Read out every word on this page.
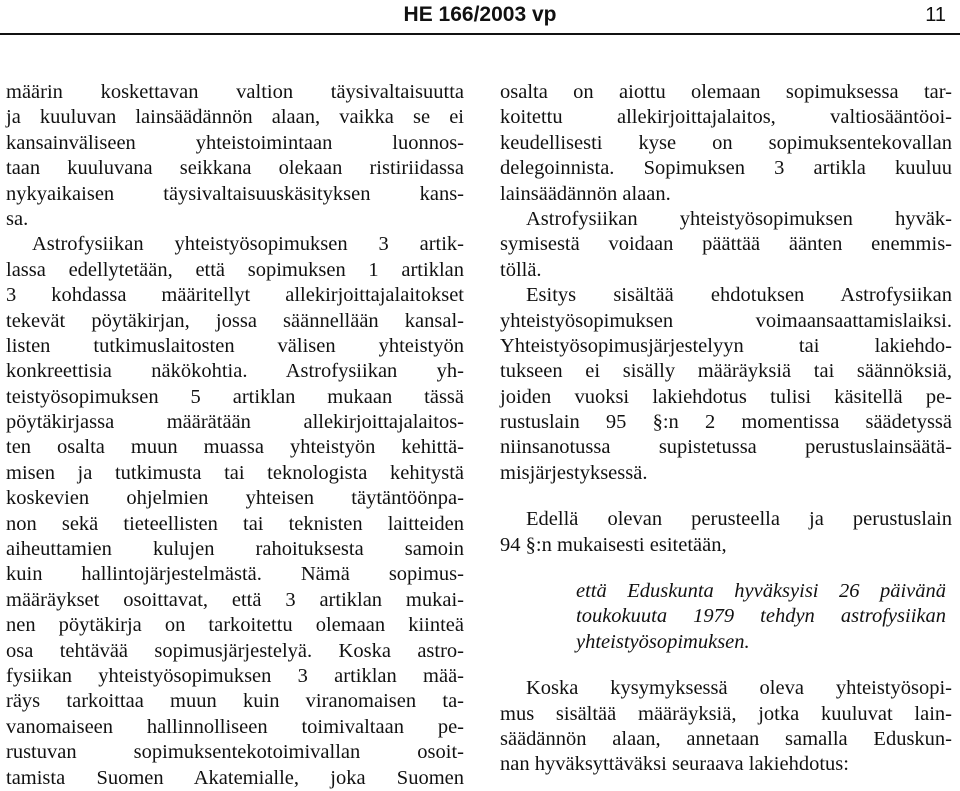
HE 166/2003 vp	11
määrin koskettavan valtion täysivaltaisuutta
ja kuuluvan lainsäädännön alaan, vaikka se ei
kansainväliseen yhteistoimintaan luonnos-
taan kuuluvana seikkana olekaan ristiriidassa
nykyaikaisen täysivaltaisuuskäsityksen kans-
sa.
Astrofysiikan yhteistyösopimuksen 3 artik-
lassa edellytetään, että sopimuksen 1 artiklan
3 kohdassa määritellyt allekirjoittajalaitokset
tekevät pöytäkirjan, jossa säännellään kansal-
listen tutkimuslaitosten välisen yhteistyön
konkreettisia näkökohtia. Astrofysiikan yh-
teistyösopimuksen 5 artiklan mukaan tässä
pöytäkirjassa määrätään allekirjoittajalaitos-
ten osalta muun muassa yhteistyön kehittä-
misen ja tutkimusta tai teknologista kehitystä
koskevien ohjelmien yhteisen täytäntöönpa-
non sekä tieteellisten tai teknisten laitteiden
aiheuttamien kulujen rahoituksesta samoin
kuin hallintojärjestelmästä. Nämä sopimus-
määräykset osoittavat, että 3 artiklan mukai-
nen pöytäkirja on tarkoitettu olemaan kiinteä
osa tehtävää sopimusjärjestelyä. Koska astro-
fysiikan yhteistyösopimuksen 3 artiklan mää-
räys tarkoittaa muun kuin viranomaisen ta-
vanomaiseen hallinnolliseen toimivaltaan pe-
rustuvan sopimuksentekotoimivallan osoit-
tamista Suomen Akatemialle, joka Suomen
osalta on aiottu olemaan sopimuksessa tar-
koitettu allekirjoittajalaitos, valtiosääntöoi-
keudellisesti kyse on sopimuksentekovallan
delegoinnista. Sopimuksen 3 artikla kuuluu
lainsäädännön alaan.
Astrofysiikan yhteistyösopimuksen hyväk-
symisestä voidaan päättää äänten enemmis-
töllä.
Esitys sisältää ehdotuksen Astrofysiikan
yhteistyösopimuksen voimaansaattamislaiksi.
Yhteistyösopimusjärjestelyyn tai lakiehdo-
tukseen ei sisälly määräyksiä tai säännöksiä,
joiden vuoksi lakiehdotus tulisi käsitellä pe-
rustuslain 95 §:n 2 momentissa säädetyssä
niinsanotussa supistetussa perustuslainsäätä-
misjärjestyksessä.
Edellä olevan perusteella ja perustuslain
94 §:n mukaisesti esitetään,
että Eduskunta hyväksyisi 26 päivänä
toukokuuta 1979 tehdyn astrofysiikan
yhteistyösopimuksen.
Koska kysymyksessä oleva yhteistyösopi-
mus sisältää määräyksiä, jotka kuuluvat lain-
säädännön alaan, annetaan samalla Eduskun-
nan hyväksyttäväksi seuraava lakiehdotus:
